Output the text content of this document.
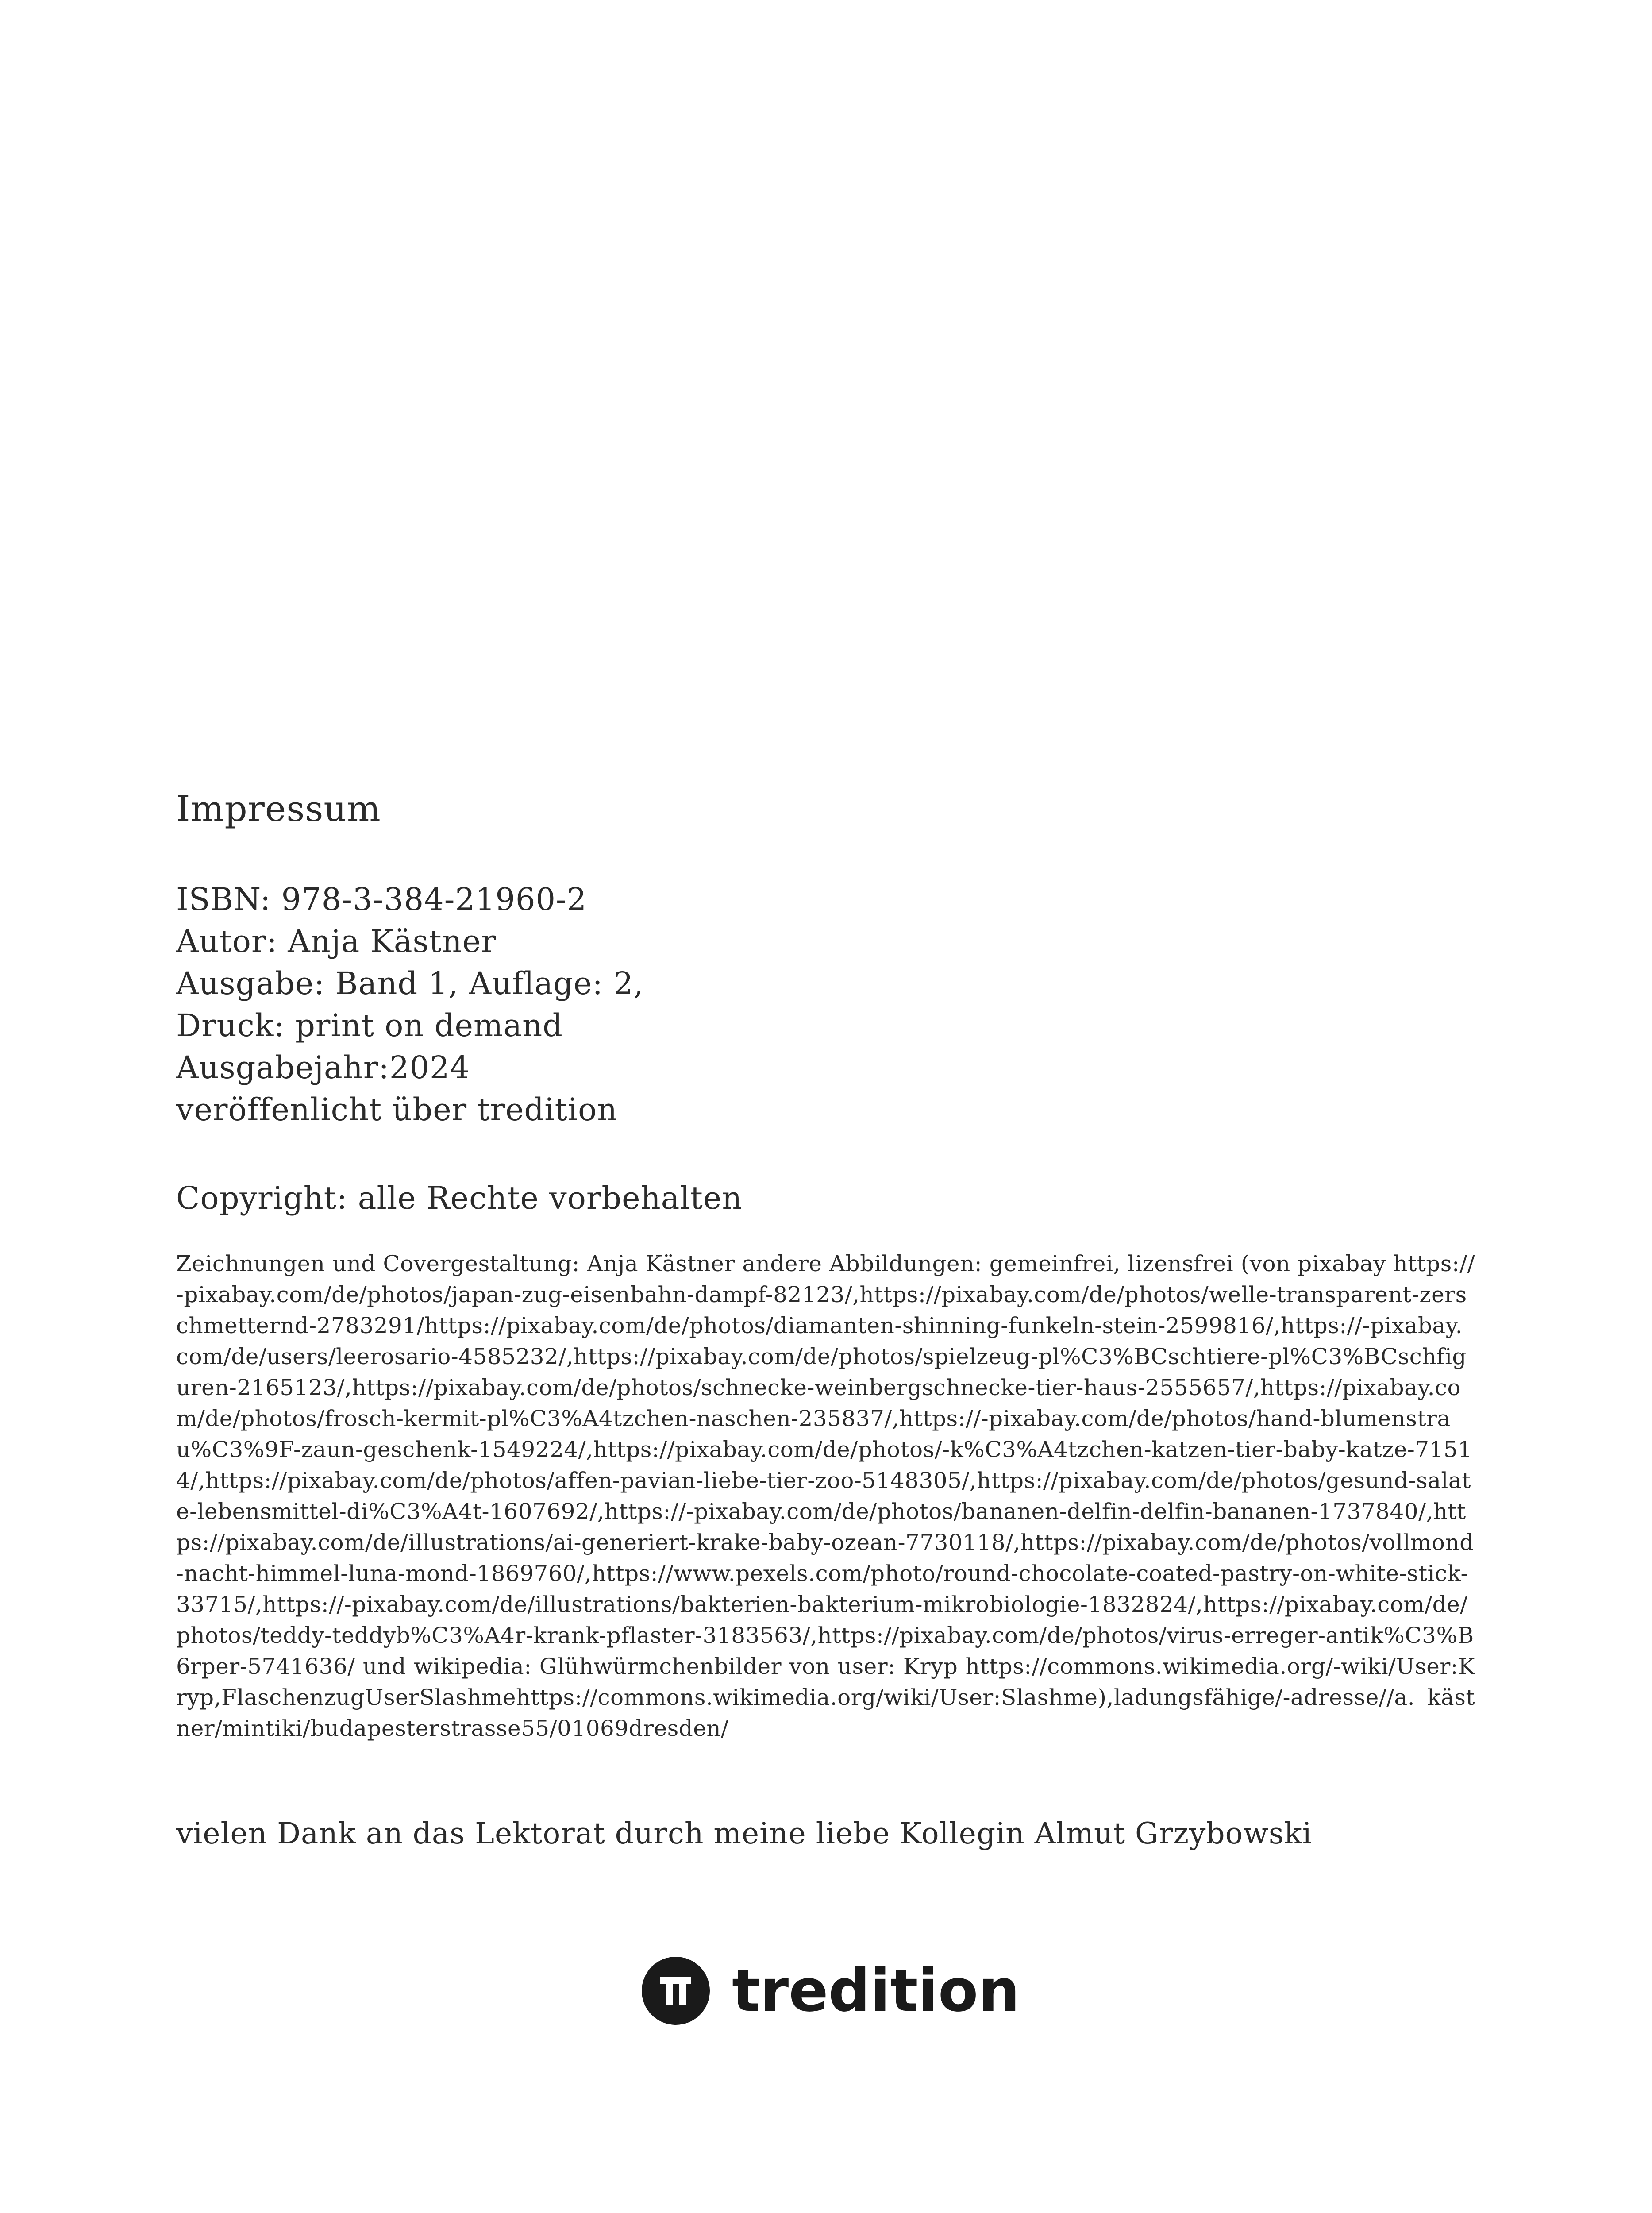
Impressum
ISBN: 978-3-384-21960-2
Autor: Anja Kästner
Ausgabe: Band 1, Auflage: 2,
Druck: print on demand
Ausgabejahr:2024
veröffenlicht über tredition
Copyright: alle Rechte vorbehalten

Zeichnungen und Covergestaltung: Anja Kästner andere Abbildungen: gemeinfrei, lizensfrei (von pixabay https://-pixabay.com/de/photos/japan-zug-eisenbahn-dampf-82123/,https://pixabay.com/de/photos/welle-transparent-zerschmetternd-2783291/https://pixabay.com/de/photos/diamanten-shinning-funkeln-stein-2599816/,https://-pixabay.com/de/users/leerosario-4585232/,https://pixabay.com/de/photos/spielzeug-pl%C3%BCschtiere-pl%C3%BCschfiguren-2165123/,https://pixabay.com/de/photos/schnecke-weinbergschnecke-tier-haus-2555657/,https://pixabay.com/de/photos/frosch-kermit-pl%C3%A4tzchen-naschen-235837/,https://-pixabay.com/de/photos/hand-blumenstrau%C3%9F-zaun-geschenk-1549224/,https://pixabay.com/de/photos/-k%C3%A4tzchen-katzen-tier-baby-katze-71514/,https://pixabay.com/de/photos/affen-pavian-liebe-tier-zoo-5148305/,https://pixabay.com/de/photos/gesund-salate-lebensmittel-di%C3%A4t-1607692/,https://-pixabay.com/de/photos/bananen-delfin-delfin-bananen-1737840/,https://pixabay.com/de/illustrations/ai-generiert-krake-baby-ozean-7730118/,https://pixabay.com/de/photos/vollmond-nacht-himmel-luna-mond-1869760/,https://www.pexels.com/photo/round-chocolate-coated-pastry-on-white-stick-33715/,https://-pixabay.com/de/illustrations/bakterien-bakterium-mikrobiologie-1832824/,https://pixabay.com/de/photos/teddy-teddyb%C3%A4r-krank-pflaster-3183563/,https://pixabay.com/de/photos/virus-erreger-antik%C3%B6rper-5741636/ und wikipedia: Glühwürmchenbilder von user: Kryp https://commons.wikimedia.org/-wiki/User:Kryp,FlaschenzugUserSlashmehttps://commons.wikimedia.org/wiki/User:Slashme),ladungsfähige/-adresse//a. kästner/mintiki/budapesterstrasse55/01069dresden/

vielen Dank an das Lektorat durch meine liebe Kollegin Almut Grzybowski
tredition
